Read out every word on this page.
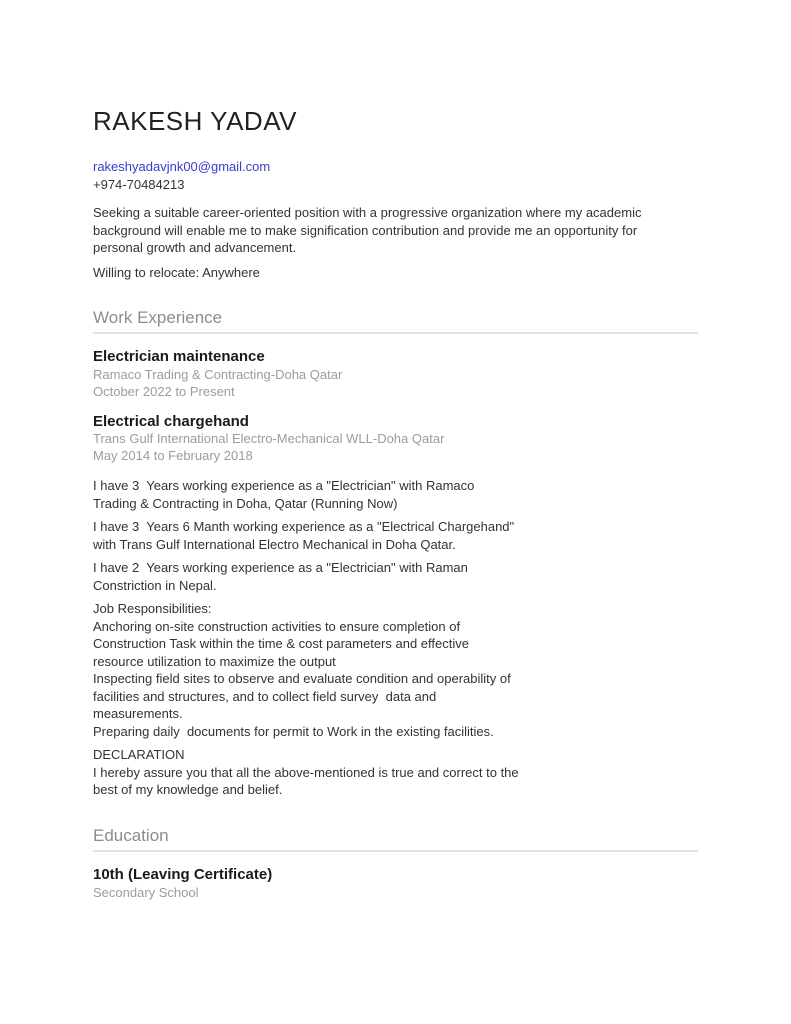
RAKESH YADAV
rakeshyadavjnk00@gmail.com
+974-70484213
Seeking a suitable career-oriented position with a progressive organization where my academic
background will enable me to make signification contribution and provide me an opportunity for
personal growth and advancement.
Willing to relocate: Anywhere
Work Experience
Electrician maintenance
Ramaco Trading & Contracting-Doha Qatar
October 2022 to Present
Electrical chargehand
Trans Gulf International Electro-Mechanical WLL-Doha Qatar
May 2014 to February 2018
I have 3  Years working experience as a "Electrician" with Ramaco
Trading & Contracting in Doha, Qatar (Running Now)
I have 3  Years 6 Manth working experience as a "Electrical Chargehand"
with Trans Gulf International Electro Mechanical in Doha Qatar.
I have 2  Years working experience as a "Electrician" with Raman
Constriction in Nepal.
Job Responsibilities:
Anchoring on-site construction activities to ensure completion of
Construction Task within the time & cost parameters and effective
resource utilization to maximize the output
Inspecting field sites to observe and evaluate condition and operability of
facilities and structures, and to collect field survey  data and
measurements.
Preparing daily  documents for permit to Work in the existing facilities.
DECLARATION
I hereby assure you that all the above-mentioned is true and correct to the
best of my knowledge and belief.
Education
10th (Leaving Certificate)
Secondary School
